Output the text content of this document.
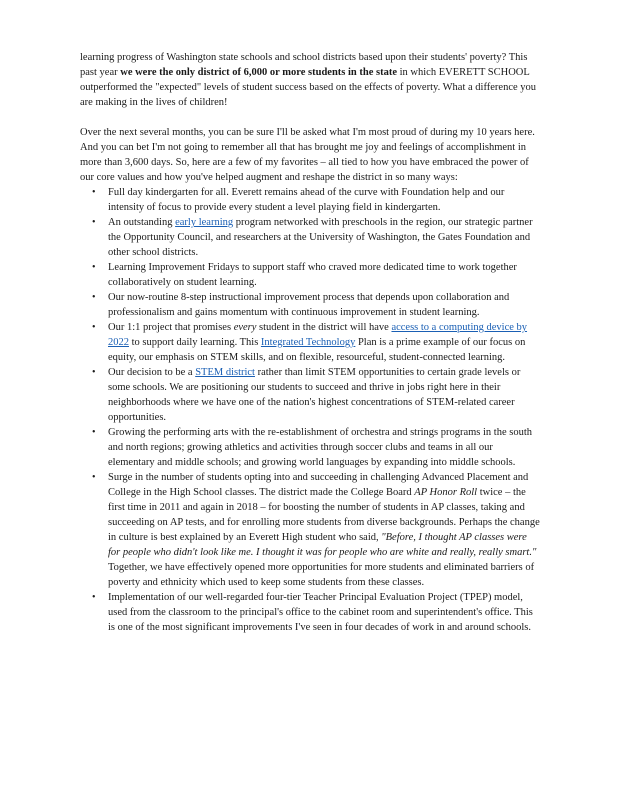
learning progress of Washington state schools and school districts based upon their students' poverty? This past year we were the only district of 6,000 or more students in the state in which EVERETT SCHOOL outperformed the "expected" levels of student success based on the effects of poverty. What a difference you are making in the lives of children!

Over the next several months, you can be sure I'll be asked what I'm most proud of during my 10 years here. And you can bet I'm not going to remember all that has brought me joy and feelings of accomplishment in more than 3,600 days. So, here are a few of my favorites – all tied to how you have embraced the power of our core values and how you've helped augment and reshape the district in so many ways:

• Full day kindergarten for all. Everett remains ahead of the curve with Foundation help and our intensity of focus to provide every student a level playing field in kindergarten.
• An outstanding early learning program networked with preschools in the region, our strategic partner the Opportunity Council, and researchers at the University of Washington, the Gates Foundation and other school districts.
• Learning Improvement Fridays to support staff who craved more dedicated time to work together collaboratively on student learning.
• Our now-routine 8-step instructional improvement process that depends upon collaboration and professionalism and gains momentum with continuous improvement in student learning.
• Our 1:1 project that promises every student in the district will have access to a computing device by 2022 to support daily learning. This Integrated Technology Plan is a prime example of our focus on equity, our emphasis on STEM skills, and on flexible, resourceful, student-connected learning.
• Our decision to be a STEM district rather than limit STEM opportunities to certain grade levels or some schools. We are positioning our students to succeed and thrive in jobs right here in their neighborhoods where we have one of the nation's highest concentrations of STEM-related career opportunities.
• Growing the performing arts with the re-establishment of orchestra and strings programs in the south and north regions; growing athletics and activities through soccer clubs and teams in all our elementary and middle schools; and growing world languages by expanding into middle schools.
• Surge in the number of students opting into and succeeding in challenging Advanced Placement and College in the High School classes. The district made the College Board AP Honor Roll twice – the first time in 2011 and again in 2018 – for boosting the number of students in AP classes, taking and succeeding on AP tests, and for enrolling more students from diverse backgrounds. Perhaps the change in culture is best explained by an Everett High student who said, "Before, I thought AP classes were for people who didn't look like me. I thought it was for people who are white and really, really smart." Together, we have effectively opened more opportunities for more students and eliminated barriers of poverty and ethnicity which used to keep some students from these classes.
• Implementation of our well-regarded four-tier Teacher Principal Evaluation Project (TPEP) model, used from the classroom to the principal's office to the cabinet room and superintendent's office. This is one of the most significant improvements I've seen in four decades of work in and around schools.
